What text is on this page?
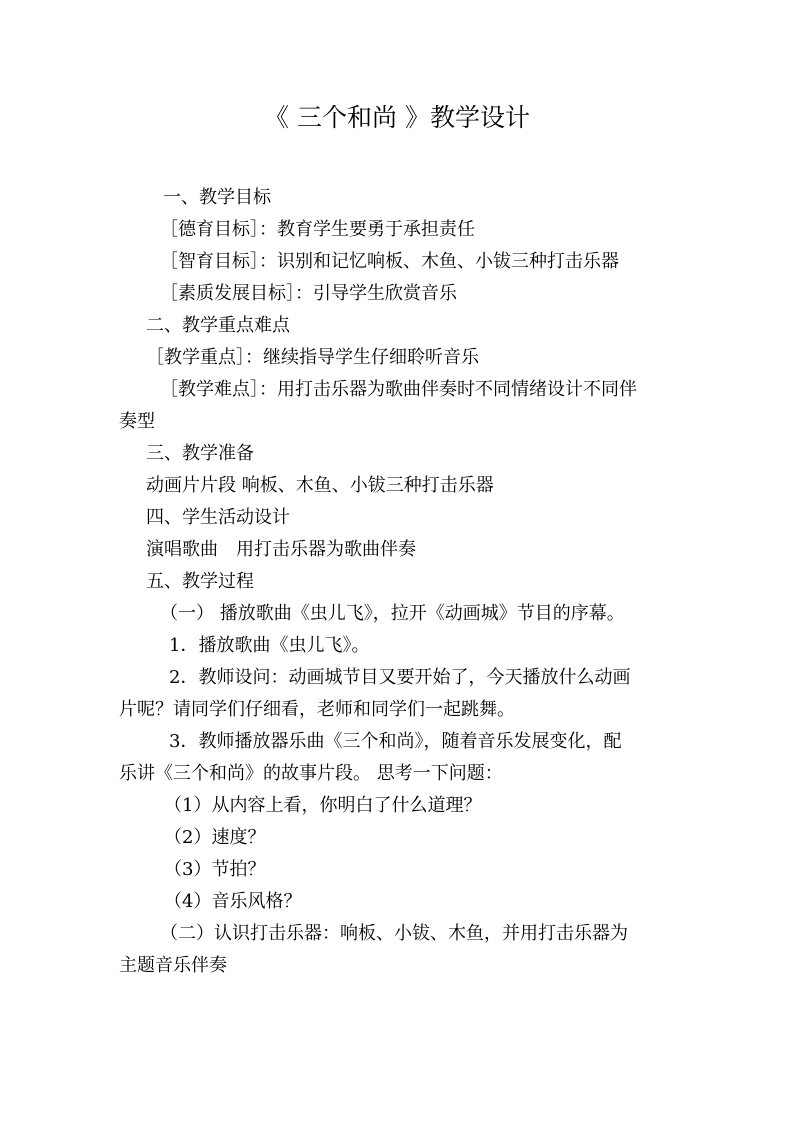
《 三个和尚 》教学设计
一、教学目标
［德育目标］：教育学生要勇于承担责任
［智育目标］：识别和记忆响板、木鱼、小钹三种打击乐器
［素质发展目标］：引导学生欣赏音乐
二、教学重点难点
［教学重点］：继续指导学生仔细聆听音乐
［教学难点］：用打击乐器为歌曲伴奏时不同情绪设计不同伴
奏型
三、教学准备
动画片片段 响板、木鱼、小钹三种打击乐器
四、学生活动设计
演唱歌曲　用打击乐器为歌曲伴奏
五、教学过程
（一） 播放歌曲《虫儿飞》，拉开《动画城》节目的序幕。
1．播放歌曲《虫儿飞》。
2．教师设问：动画城节目又要开始了，今天播放什么动画
片呢？请同学们仔细看，老师和同学们一起跳舞。
3．教师播放器乐曲《三个和尚》，随着音乐发展变化，配
乐讲《三个和尚》的故事片段。 思考一下问题：
（1）从内容上看，你明白了什么道理？
（2）速度？
（3）节拍？
（4）音乐风格？
（二）认识打击乐器：响板、小钹、木鱼，并用打击乐器为
主题音乐伴奏
